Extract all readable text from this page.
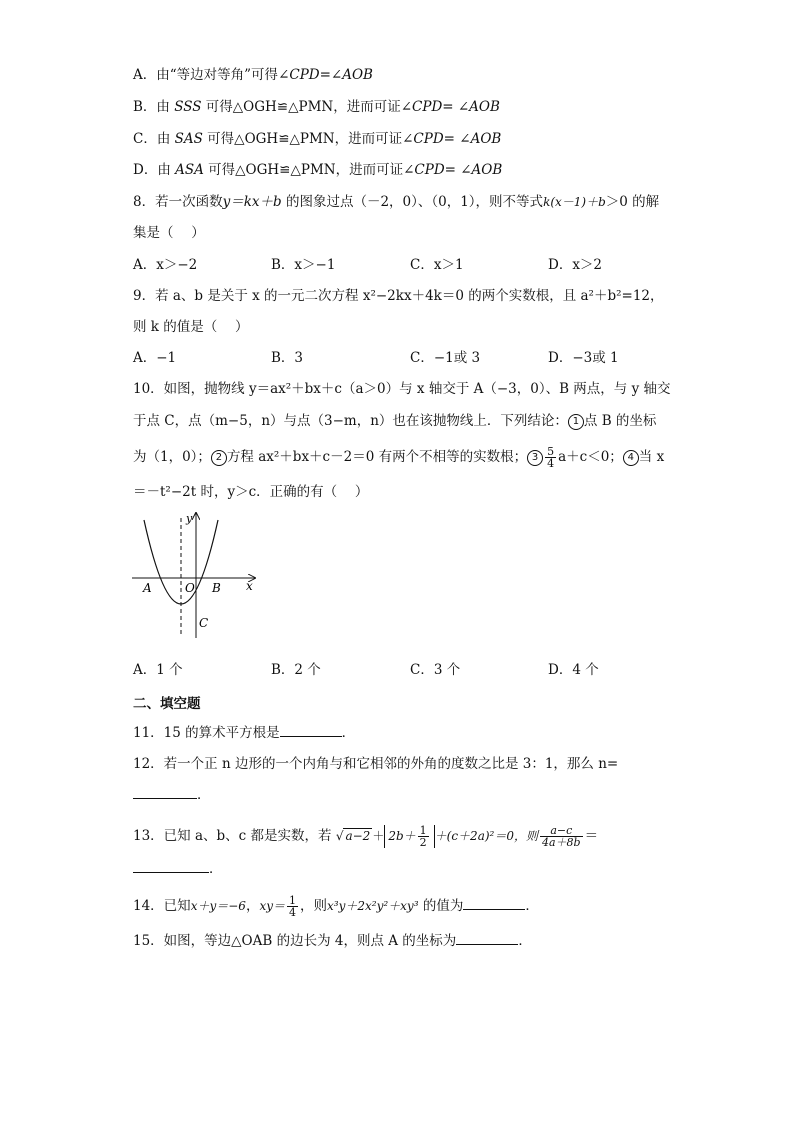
A．由“等边对等角”可得∠CPD=∠AOB
B．由 SSS 可得△OGH≌△PMN，进而可证∠CPD= ∠AOB
C．由 SAS 可得△OGH≌△PMN，进而可证∠CPD= ∠AOB
D．由 ASA 可得△OGH≌△PMN，进而可证∠CPD= ∠AOB
8．若一次函数y＝kx＋b 的图象过点（－2，0）、（0，1），则不等式k(x－1)＋b＞0 的解
集是（　 ）
A．x＞−2	B．x＞−1	C．x＞1	D．x＞2
9．若 a、b 是关于 x 的一元二次方程 x²−2kx＋4k＝0 的两个实数根，且 a²＋b²=12，
则 k 的值是（　 ）
A．−1	B．3	C．−1或 3	D．−3或 1
10．如图，抛物线 y＝ax²＋bx＋c（a＞0）与 x 轴交于 A（−3，0）、B 两点，与 y 轴交
于点 C，点（m−5，n）与点（3−m，n）也在该抛物线上．下列结论： 1 点 B 的坐标
为（1，0）； 2 方程 ax²＋bx＋c－2＝0 有两个不相等的实数根； $3 \frac{5}{4} a+c<0$； 4 当 x
＝－t²−2t 时，y＞c．正确的有（　 ）
y
x
A	O B
C
A．1 个	B．2 个	C．3 个	D．4 个
二、填空题
11．15 的算术平方根是	．
12．若一个正 n 边形的一个内角与和它相邻的外角的度数之比是 3：1，那么 n=
．
13．已知 a、b、c 都是实数，若 √ $a-2 + 2b+ \frac{1}{2} +(c+2a)^2=0$，则 $\frac{a-c}{4a+8b}$ ＝
．
14．已知x＋y＝−6，$xy= \frac{1}{4}$ ，则x³y＋2x²y²＋xy³ 的值为	．
15．如图，等边△OAB 的边长为 4，则点 A 的坐标为	．
